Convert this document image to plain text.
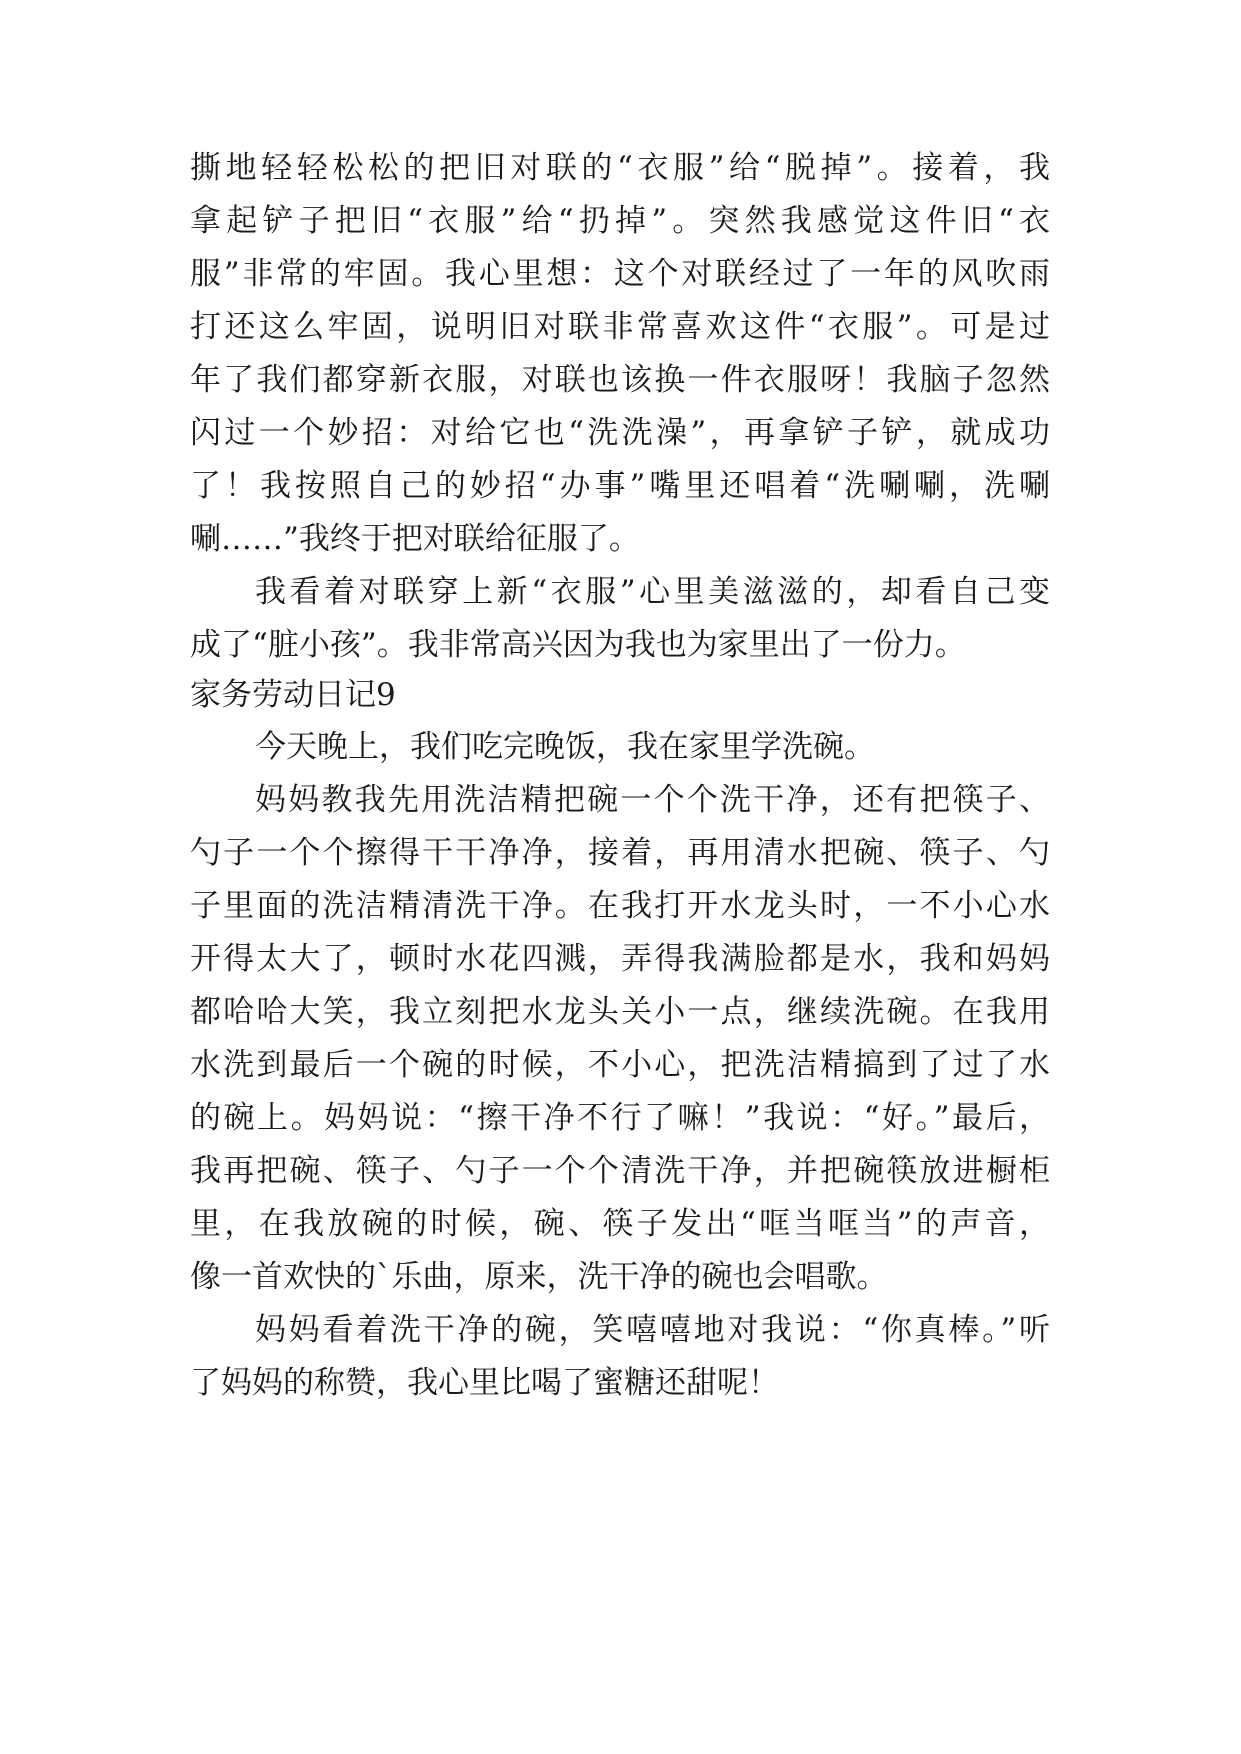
撕地轻轻松松的把旧对联的“衣服”给“脱掉”。接着，我
拿起铲子把旧“衣服”给“扔掉”。突然我感觉这件旧“衣
服”非常的牢固。我心里想：这个对联经过了一年的风吹雨
打还这么牢固，说明旧对联非常喜欢这件“衣服”。可是过
年了我们都穿新衣服，对联也该换一件衣服呀！我脑子忽然
闪过一个妙招：对给它也“洗洗澡”，再拿铲子铲，就成功
了！我按照自己的妙招“办事”嘴里还唱着“洗唰唰，洗唰
唰……”我终于把对联给征服了。
我看着对联穿上新“衣服”心里美滋滋的，却看自己变
成了“脏小孩”。我非常高兴因为我也为家里出了一份力。
家务劳动日记9
今天晚上，我们吃完晚饭，我在家里学洗碗。
妈妈教我先用洗洁精把碗一个个洗干净，还有把筷子、
勺子一个个擦得干干净净，接着，再用清水把碗、筷子、勺
子里面的洗洁精清洗干净。在我打开水龙头时，一不小心水
开得太大了，顿时水花四溅，弄得我满脸都是水，我和妈妈
都哈哈大笑，我立刻把水龙头关小一点，继续洗碗。在我用
水洗到最后一个碗的时候，不小心，把洗洁精搞到了过了水
的碗上。妈妈说：“擦干净不行了嘛！”我说：“好。”最后，
我再把碗、筷子、勺子一个个清洗干净，并把碗筷放进橱柜
里，在我放碗的时候，碗、筷子发出“哐当哐当”的声音，
像一首欢快的`乐曲，原来，洗干净的碗也会唱歌。
妈妈看着洗干净的碗，笑嘻嘻地对我说：“你真棒。”听
了妈妈的称赞，我心里比喝了蜜糖还甜呢！
